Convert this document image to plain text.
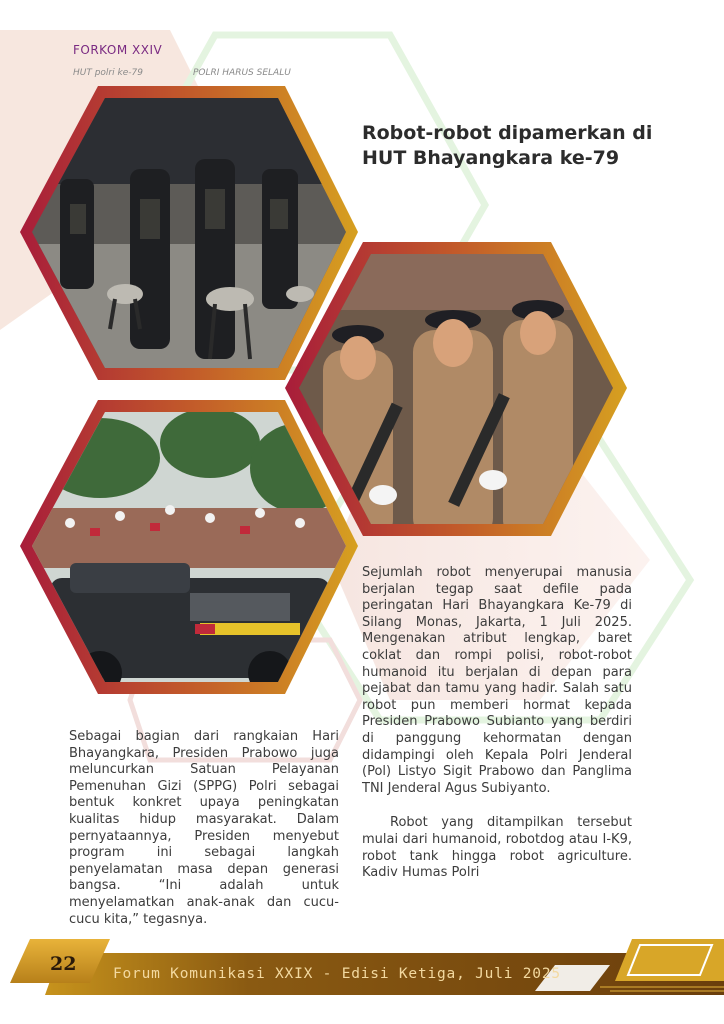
FORKOM XXIV
HUT polri ke-79	POLRI HARUS SELALU
Robot-robot dipamerkan di
HUT Bhayangkara ke-79

Sejumlah robot menyerupai manusia berjalan tegap saat defile pada peringatan Hari Bhayangkara Ke-79 di Silang Monas, Jakarta, 1 Juli 2025. Mengenakan atribut lengkap, baret coklat dan rompi polisi, robot-robot humanoid itu berjalan di depan para pejabat dan tamu yang hadir. Salah satu robot pun memberi hormat kepada Presiden Prabowo Subianto yang berdiri di panggung kehormatan dengan didampingi oleh Kepala Polri Jenderal (Pol) Listyo Sigit Prabowo dan Panglima TNI Jenderal Agus Subiyanto.

Robot yang ditampilkan tersebut mulai dari humanoid, robotdog atau I-K9, robot tank hingga robot agriculture. Kadiv Humas Polri

Sebagai bagian dari rangkaian Hari Bhayangkara, Presiden Prabowo juga meluncurkan Satuan Pelayanan Pemenuhan Gizi (SPPG) Polri sebagai bentuk konkret upaya peningkatan kualitas hidup masyarakat. Dalam pernyataannya, Presiden menyebut program ini sebagai langkah penyelamatan masa depan generasi bangsa. “Ini adalah untuk menyelamatkan anak-anak dan cucu-cucu kita,” tegasnya.

22	Forum Komunikasi XXIX - Edisi Ketiga, Juli 2025
